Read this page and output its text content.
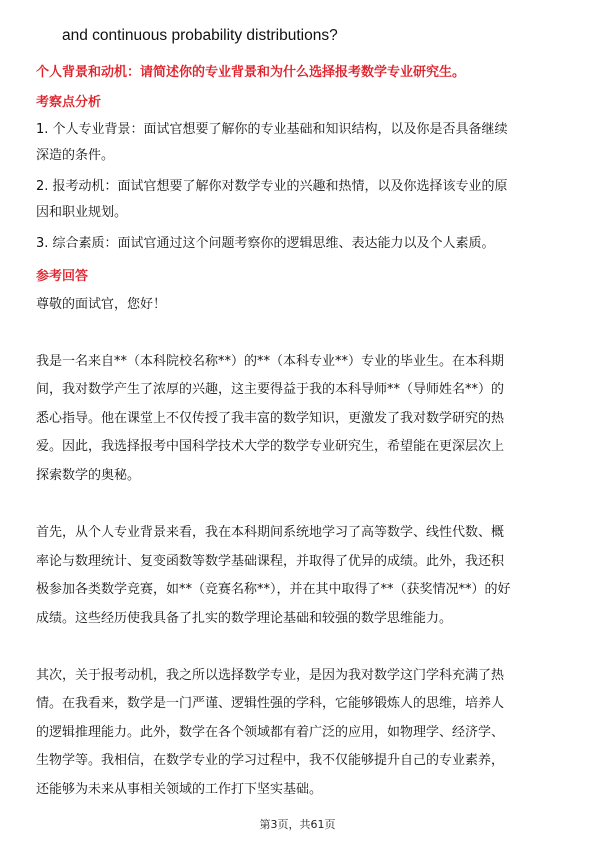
and continuous probability distributions?
个人背景和动机：请简述你的专业背景和为什么选择报考数学专业研究生。
考察点分析
1. 个人专业背景：面试官想要了解你的专业基础和知识结构，以及你是否具备继续
深造的条件。
2. 报考动机：面试官想要了解你对数学专业的兴趣和热情，以及你选择该专业的原
因和职业规划。
3. 综合素质：面试官通过这个问题考察你的逻辑思维、表达能力以及个人素质。
参考回答
尊敬的面试官，您好！
我是一名来自**（本科院校名称**）的**（本科专业**）专业的毕业生。在本科期
间，我对数学产生了浓厚的兴趣，这主要得益于我的本科导师**（导师姓名**）的
悉心指导。他在课堂上不仅传授了我丰富的数学知识，更激发了我对数学研究的热
爱。因此，我选择报考中国科学技术大学的数学专业研究生，希望能在更深层次上
探索数学的奥秘。
首先，从个人专业背景来看，我在本科期间系统地学习了高等数学、线性代数、概
率论与数理统计、复变函数等数学基础课程，并取得了优异的成绩。此外，我还积
极参加各类数学竞赛，如**（竞赛名称**），并在其中取得了**（获奖情况**）的好
成绩。这些经历使我具备了扎实的数学理论基础和较强的数学思维能力。
其次，关于报考动机，我之所以选择数学专业，是因为我对数学这门学科充满了热
情。在我看来，数学是一门严谨、逻辑性强的学科，它能够锻炼人的思维，培养人
的逻辑推理能力。此外，数学在各个领域都有着广泛的应用，如物理学、经济学、
生物学等。我相信，在数学专业的学习过程中，我不仅能够提升自己的专业素养，
还能够为未来从事相关领域的工作打下坚实基础。
第3页，共61页
